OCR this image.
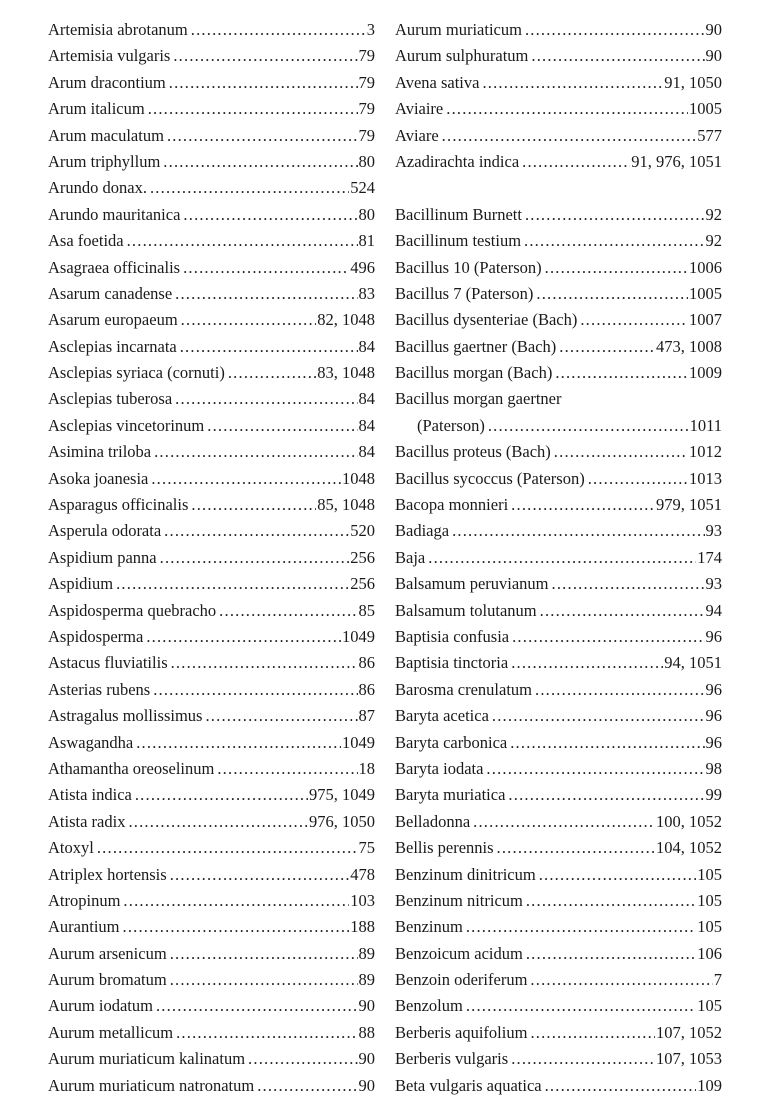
Artemisia abrotanum .....	3
Artemisia vulgaris .....	79
Arum dracontium .....	79
Arum italicum .....	79
Arum maculatum .....	79
Arum triphyllum .....	80
Arundo donax. .....	524
Arundo mauritanica .....	80
Asa foetida .....	81
Asagraea officinalis .....	496
Asarum canadense .....	83
Asarum europaeum .....	82, 1048
Asclepias incarnata .....	84
Asclepias syriaca (cornuti) .....	83, 1048
Asclepias tuberosa .....	84
Asclepias vincetorinum .....	84
Asimina triloba .....	84
Asoka joanesia .....	1048
Asparagus officinalis .....	85, 1048
Asperula odorata .....	520
Aspidium panna .....	256
Aspidium .....	256
Aspidosperma quebracho .....	85
Aspidosperma .....	1049
Astacus fluviatilis .....	86
Asterias rubens .....	86
Astragalus mollissimus .....	87
Aswagandha .....	1049
Athamantha oreoselinum .....	18
Atista indica .....	975, 1049
Atista radix .....	976, 1050
Atoxyl .....	75
Atriplex hortensis .....	478
Atropinum .....	103
Aurantium .....	188
Aurum arsenicum .....	89
Aurum bromatum .....	89
Aurum iodatum .....	90
Aurum metallicum .....	88
Aurum muriaticum kalinatum .....	90
Aurum muriaticum natronatum .....	90
Aurum muriaticum .....	90
Aurum sulphuratum .....	90
Avena sativa .....	91, 1050
Aviaire .....	1005
Aviare .....	577
Azadirachta indica .....	91, 976, 1051
Bacillinum Burnett .....	92
Bacillinum testium .....	92
Bacillus 10 (Paterson) .....	1006
Bacillus 7 (Paterson) .....	1005
Bacillus dysenteriae (Bach) .....	1007
Bacillus gaertner (Bach) .....	473, 1008
Bacillus morgan (Bach) .....	1009
Bacillus morgan gaertner
(Paterson) .....	1011
Bacillus proteus (Bach) .....	1012
Bacillus sycoccus (Paterson) .....	1013
Bacopa monnieri .....	979, 1051
Badiaga .....	93
Baja .....	174
Balsamum peruvianum .....	93
Balsamum tolutanum .....	94
Baptisia confusia .....	96
Baptisia tinctoria .....	94, 1051
Barosma crenulatum .....	96
Baryta acetica .....	96
Baryta carbonica .....	96
Baryta iodata .....	98
Baryta muriatica .....	99
Belladonna .....	100, 1052
Bellis perennis .....	104, 1052
Benzinum dinitricum .....	105
Benzinum nitricum .....	105
Benzinum .....	105
Benzoicum acidum .....	106
Benzoin oderiferum .....	7
Benzolum .....	105
Berberis aquifolium .....	107, 1052
Berberis vulgaris .....	107, 1053
Beta vulgaris aquatica .....	109
